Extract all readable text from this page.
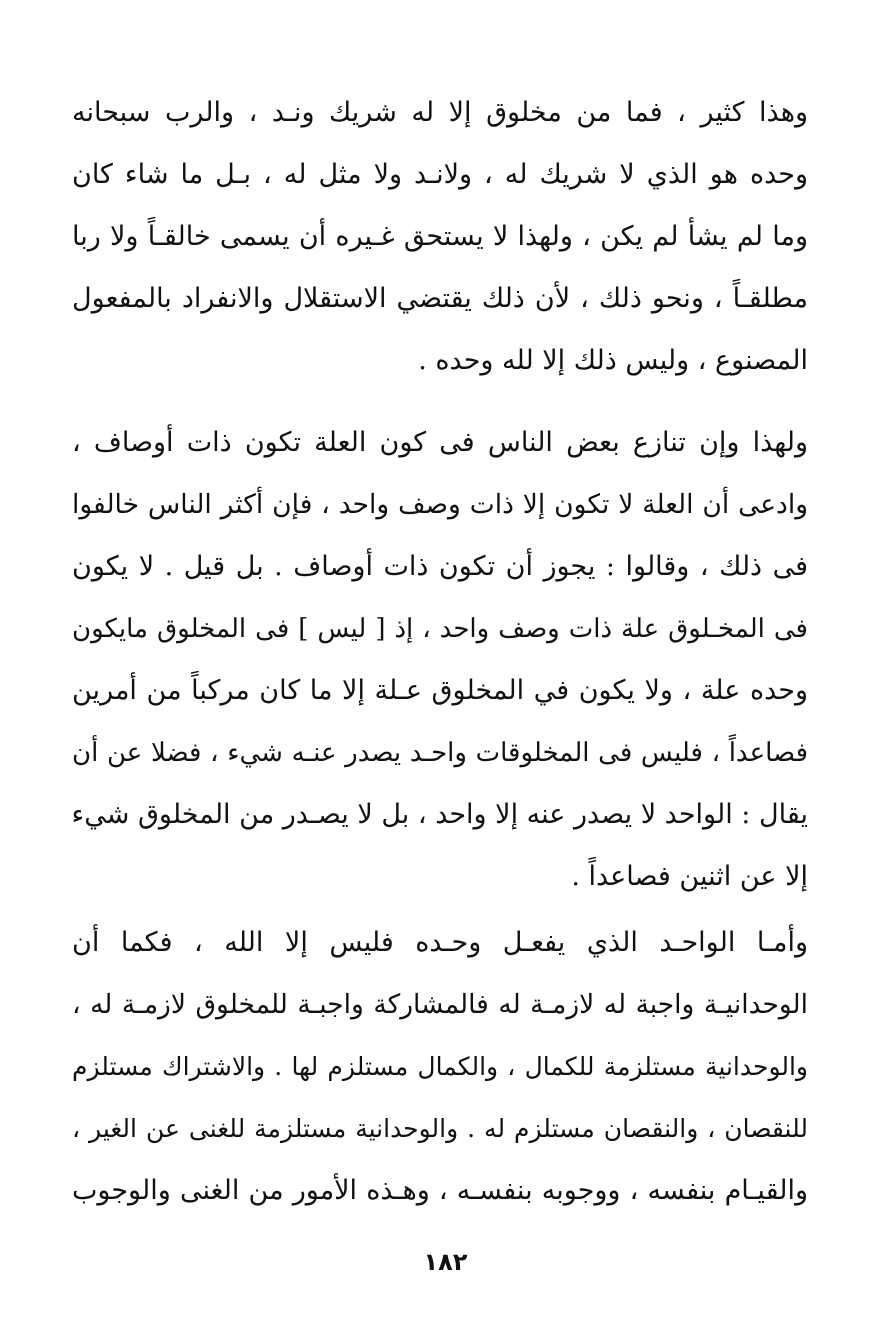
وهذا كثير ، فما من مخلوق إلا له شريك ونـد ، والرب سبحانه
وحده هو الذي لا شريك له ، ولانـد ولا مثل له ، بـل ما شاء كان
وما لم يشأ لم يكن ، ولهذا لا يستحق غـيره أن يسمى خالقـاً ولا ربا
مطلقـاً ، ونحو ذلك ، لأن ذلك يقتضي الاستقلال والانفراد بالمفعول
المصنوع ، وليس ذلك إلا لله وحده .
ولهذا وإن تنازع بعض الناس فى كون العلة تكون ذات أوصاف ،
وادعى أن العلة لا تكون إلا ذات وصف واحد ، فإن أكثر الناس خالفوا
فى ذلك ، وقالوا : يجوز أن تكون ذات أوصاف . بل قيل . لا يكون
فى المخـلوق علة ذات وصف واحد ، إذ [ ليس ] فى المخلوق مايكون
وحده علة ، ولا يكون في المخلوق عـلة إلا ما كان مركباً من أمرين
فصاعداً ، فليس فى المخلوقات واحـد يصدر عنـه شيء ، فضلا عن أن
يقال : الواحد لا يصدر عنه إلا واحد ، بل لا يصـدر من المخلوق شيء
إلا عن اثنين فصاعداً .
وأمـا الواحـد الذي يفعـل وحـده فليس إلا الله ، فكما أن
الوحدانيـة واجبة له لازمـة له فالمشاركة واجبـة للمخلوق لازمـة له ،
والوحدانية مستلزمة للكمال ، والكمال مستلزم لها . والاشتراك مستلزم
للنقصان ، والنقصان مستلزم له . والوحدانية مستلزمة للغنى عن الغير ،
والقيـام بنفسه ، ووجوبه بنفسـه ، وهـذه الأمور من الغنى والوجوب
١٨٢
